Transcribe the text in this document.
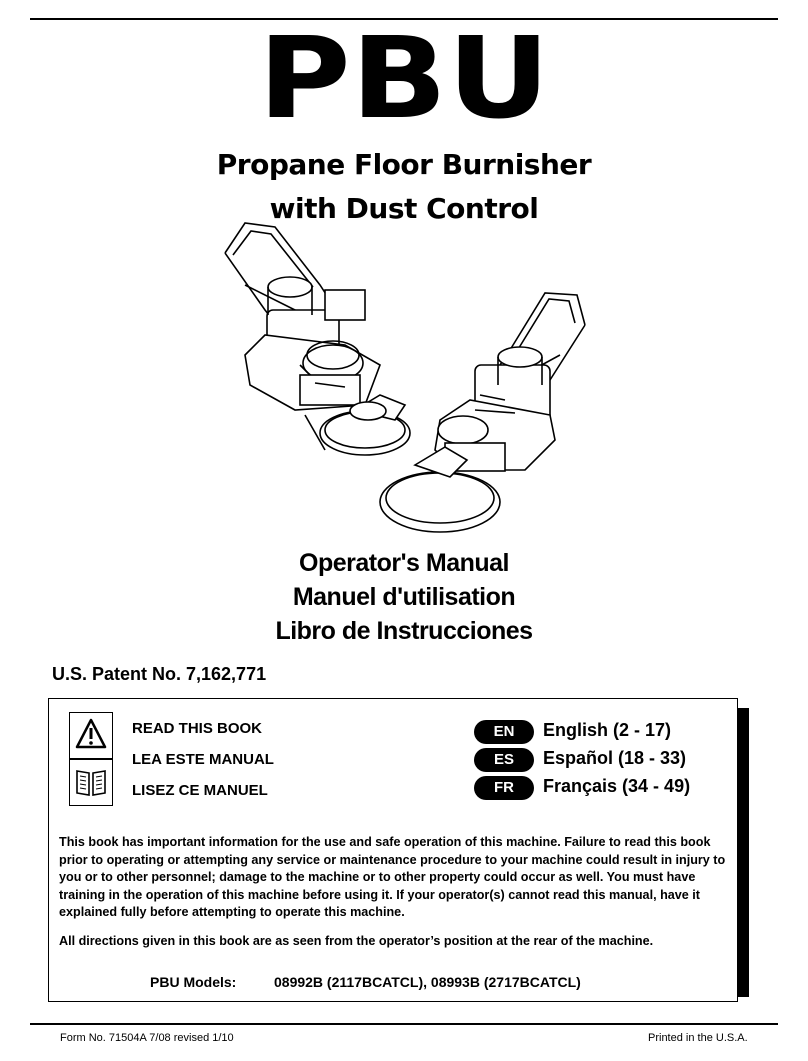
PBU
Propane Floor Burnisher
with Dust Control
Operator's Manual
Manuel d'utilisation
Libro de Instrucciones
U.S. Patent No. 7,162,771
READ THIS BOOK
LEA ESTE MANUAL
LISEZ CE MANUEL
EN
ES
FR
English (2 - 17)
Español (18 - 33)
Français (34 - 49)
This book has important information for the use and safe operation of this machine. Failure to read this book prior to operating or attempting any service or maintenance procedure to your machine could result in injury to you or to other personnel; damage to the machine or to other property could occur as well. You must have training in the operation of this machine before using it. If your operator(s) cannot read this manual, have it explained fully before attempting to operate this machine.
All directions given in this book are as seen from the operator’s position at the rear of the machine.
PBU Models:	08992B (2117BCATCL), 08993B (2717BCATCL)
Form No. 71504A 7/08 revised 1/10	Printed in the U.S.A.
